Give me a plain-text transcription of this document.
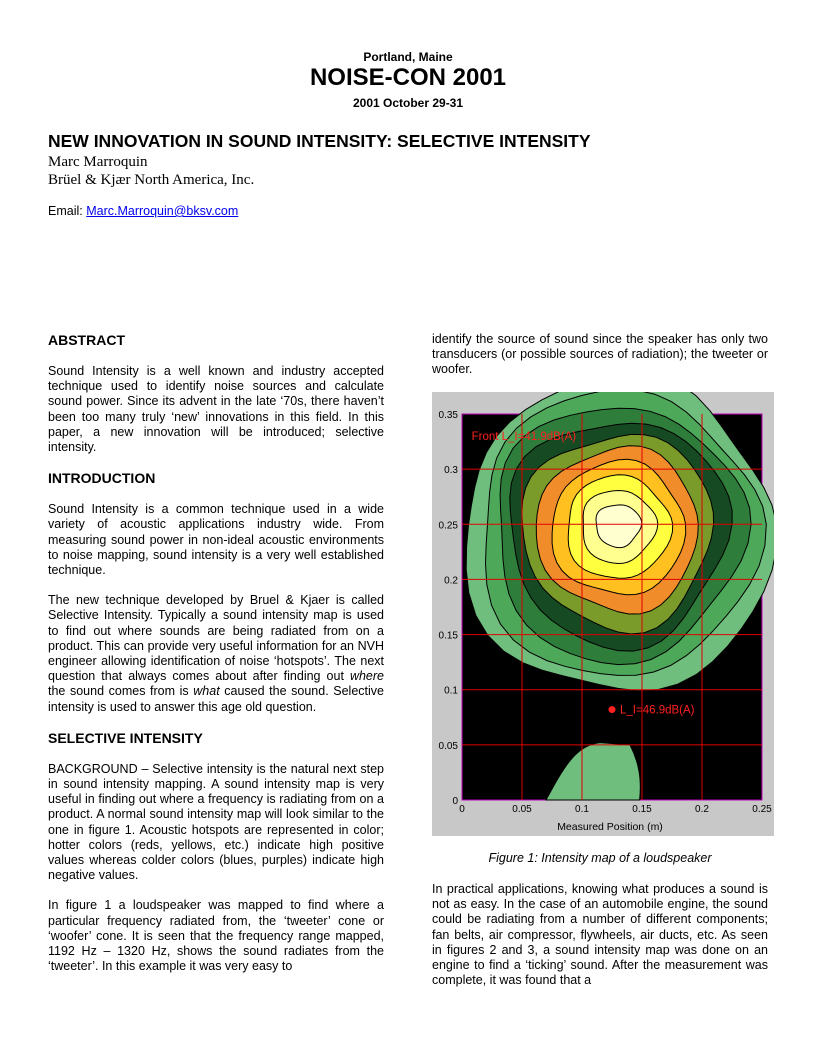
Portland, Maine
NOISE-CON 2001
2001 October 29-31
NEW INNOVATION IN SOUND INTENSITY: SELECTIVE INTENSITY
Marc Marroquin
Brüel & Kjær North America, Inc.
Email: Marc.Marroquin@bksv.com
ABSTRACT

Sound Intensity is a well known and industry accepted technique used to identify noise sources and calculate sound power. Since its advent in the late ‘70s, there haven’t been too many truly ‘new’ innovations in this field. In this paper, a new innovation will be introduced; selective intensity.

INTRODUCTION

Sound Intensity is a common technique used in a wide variety of acoustic applications industry wide. From measuring sound power in non-ideal acoustic environments to noise mapping, sound intensity is a very well established technique.

The new technique developed by Bruel & Kjaer is called Selective Intensity. Typically a sound intensity map is used to find out where sounds are being radiated from on a product. This can provide very useful information for an NVH engineer allowing identification of noise ‘hotspots’. The next question that always comes about after finding out where the sound comes from is what caused the sound. Selective intensity is used to answer this age old question.

SELECTIVE INTENSITY

BACKGROUND – Selective intensity is the natural next step in sound intensity mapping. A sound intensity map is very useful in finding out where a frequency is radiating from on a product. A normal sound intensity map will look similar to the one in figure 1. Acoustic hotspots are represented in color; hotter colors (reds, yellows, etc.) indicate high positive values whereas colder colors (blues, purples) indicate high negative values.

In figure 1 a loudspeaker was mapped to find where a particular frequency radiated from, the ‘tweeter’ cone or ‘woofer’ cone. It is seen that the frequency range mapped, 1192 Hz – 1320 Hz, shows the sound radiates from the ‘tweeter’. In this example it was very easy to

identify the source of sound since the speaker has only two transducers (or possible sources of radiation); the tweeter or woofer.

0	0.05	0.1	0.15	0.2	0.25
0
0.05
0.1
0.15
0.2
0.25
0.3
0.35
Front L_I=41.9dB(A)
L_I=46.9dB(A)
Measured Position (m)
Figure 1: Intensity map of a loudspeaker

In practical applications, knowing what produces a sound is not as easy. In the case of an automobile engine, the sound could be radiating from a number of different components; fan belts, air compressor, flywheels, air ducts, etc. As seen in figures 2 and 3, a sound intensity map was done on an engine to find a ‘ticking’ sound. After the measurement was complete, it was found that a
